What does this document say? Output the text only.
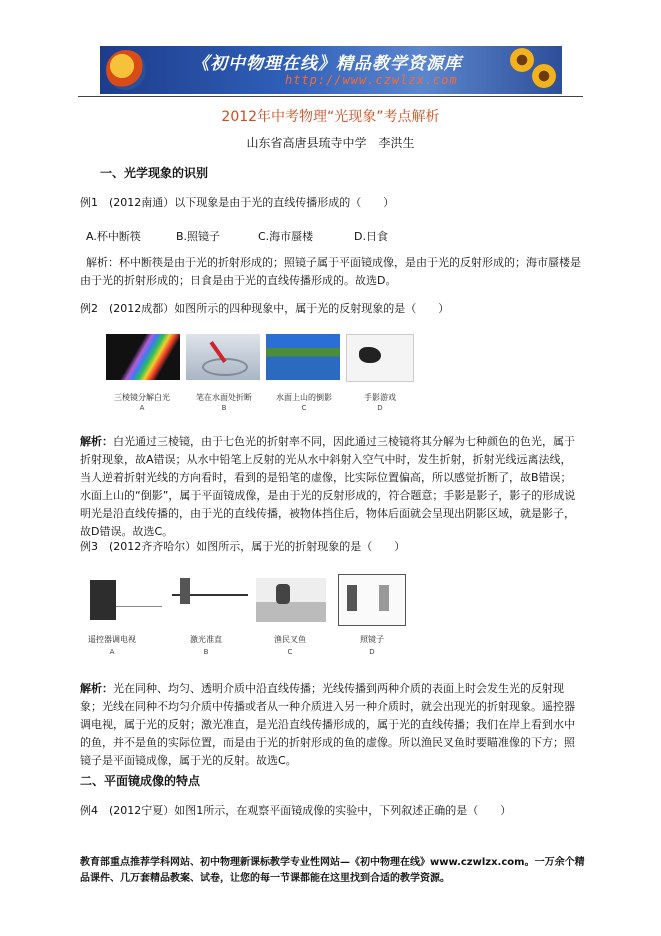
《初中物理在线》精品教学资源库
http://www.czwlzx.com
2012年中考物理“光现象”考点解析
山东省高唐县琉寺中学　李洪生
一、光学现象的识别
例1　(2012南通）以下现象是由于光的直线传播形成的（　　）
A.杯中断筷	B.照镜子	C.海市蜃楼	D.日食
解析：杯中断筷是由于光的折射形成的；照镜子属于平面镜成像，是由于光的反射形成的；海市蜃楼是由于光的折射形成的；日食是由于光的直线传播形成的。故选D。
例2　(2012成都）如图所示的四种现象中，属于光的反射现象的是（　　）
三棱镜分解白光
A
笔在水面处折断
B
水面上山的倒影
C
手影游戏
D
解析：白光通过三棱镜，由于七色光的折射率不同，因此通过三棱镜将其分解为七种颜色的色光，属于折射现象，故A错误；从水中铅笔上反射的光从水中斜射入空气中时，发生折射，折射光线远离法线，当人逆着折射光线的方向看时，看到的是铅笔的虚像，比实际位置偏高，所以感觉折断了，故B错误；水面上山的“倒影”，属于平面镜成像，是由于光的反射形成的，符合题意；手影是影子，影子的形成说明光是沿直线传播的，由于光的直线传播，被物体挡住后，物体后面就会呈现出阴影区域，就是影子，故D错误。故选C。
例3　(2012齐齐哈尔）如图所示，属于光的折射现象的是（　　）
遥控器调电视
A
激光准直
B
渔民叉鱼
C
照镜子
D
解析：光在同种、均匀、透明介质中沿直线传播；光线传播到两种介质的表面上时会发生光的反射现象；光线在同种不均匀介质中传播或者从一种介质进入另一种介质时，就会出现光的折射现象。遥控器调电视，属于光的反射；激光准直，是光沿直线传播形成的，属于光的直线传播；我们在岸上看到水中的鱼，并不是鱼的实际位置，而是由于光的折射形成的鱼的虚像。所以渔民叉鱼时要瞄准像的下方；照镜子是平面镜成像，属于光的反射。故选C。
二、平面镜成像的特点
例4　(2012宁夏）如图1所示，在观察平面镜成像的实验中，下列叙述正确的是（　　）
教育部重点推荐学科网站、初中物理新课标教学专业性网站—《初中物理在线》www.czwlzx.com。一万余个精品课件、几万套精品教案、试卷，让您的每一节课都能在这里找到合适的教学资源。
